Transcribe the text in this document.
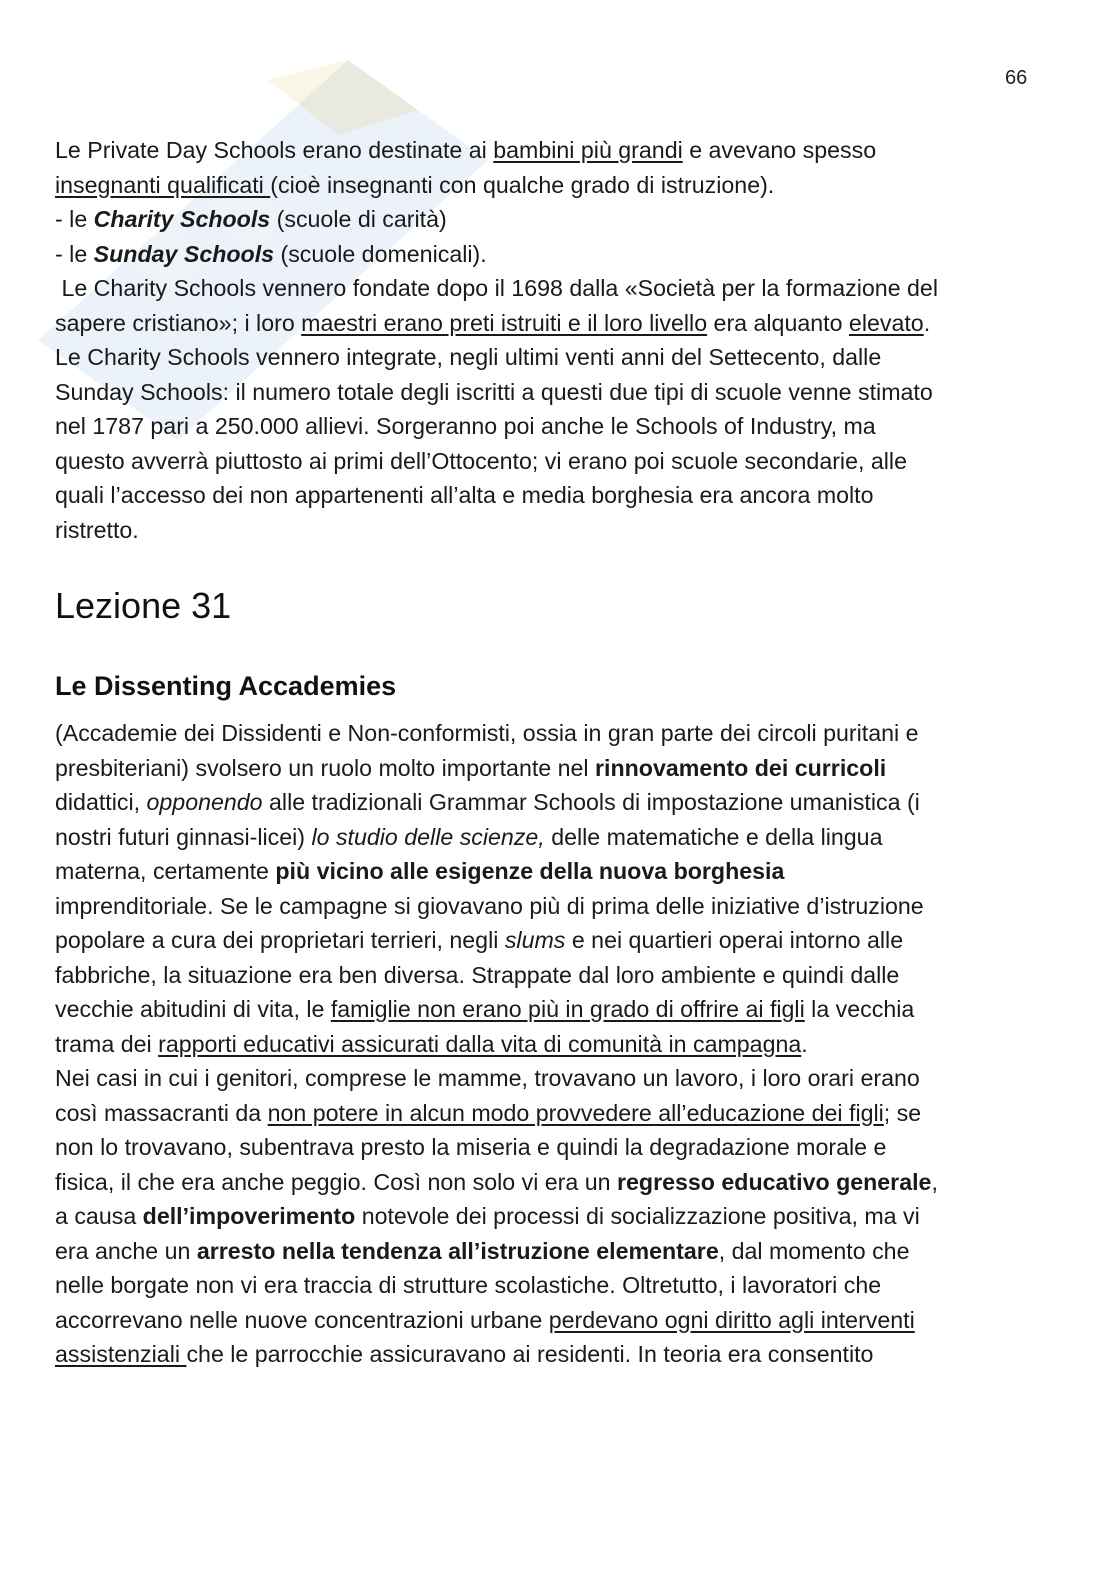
66
Le Private Day Schools erano destinate ai bambini più grandi e avevano spesso
insegnanti qualificati (cioè insegnanti con qualche grado di istruzione).
- le Charity Schools (scuole di carità)
- le Sunday Schools (scuole domenicali).
Le Charity Schools vennero fondate dopo il 1698 dalla «Società per la formazione del
sapere cristiano»; i loro maestri erano preti istruiti e il loro livello era alquanto elevato.
Le Charity Schools vennero integrate, negli ultimi venti anni del Settecento, dalle
Sunday Schools: il numero totale degli iscritti a questi due tipi di scuole venne stimato
nel 1787 pari a 250.000 allievi. Sorgeranno poi anche le Schools of Industry, ma
questo avverrà piuttosto ai primi dell’Ottocento; vi erano poi scuole secondarie, alle
quali l’accesso dei non appartenenti all’alta e media borghesia era ancora molto
ristretto.
Lezione 31
Le Dissenting Accademies
(Accademie dei Dissidenti e Non-conformisti, ossia in gran parte dei circoli puritani e
presbiteriani) svolsero un ruolo molto importante nel rinnovamento dei curricoli
didattici, opponendo alle tradizionali Grammar Schools di impostazione umanistica (i
nostri futuri ginnasi-licei) lo studio delle scienze, delle matematiche e della lingua
materna, certamente più vicino alle esigenze della nuova borghesia
imprenditoriale. Se le campagne si giovavano più di prima delle iniziative d’istruzione
popolare a cura dei proprietari terrieri, negli slums e nei quartieri operai intorno alle
fabbriche, la situazione era ben diversa. Strappate dal loro ambiente e quindi dalle
vecchie abitudini di vita, le famiglie non erano più in grado di offrire ai figli la vecchia
trama dei rapporti educativi assicurati dalla vita di comunità in campagna.
Nei casi in cui i genitori, comprese le mamme, trovavano un lavoro, i loro orari erano
così massacranti da non potere in alcun modo provvedere all’educazione dei figli; se
non lo trovavano, subentrava presto la miseria e quindi la degradazione morale e
fisica, il che era anche peggio. Così non solo vi era un regresso educativo generale,
a causa dell’impoverimento notevole dei processi di socializzazione positiva, ma vi
era anche un arresto nella tendenza all’istruzione elementare, dal momento che
nelle borgate non vi era traccia di strutture scolastiche. Oltretutto, i lavoratori che
accorrevano nelle nuove concentrazioni urbane perdevano ogni diritto agli interventi
assistenziali che le parrocchie assicuravano ai residenti. In teoria era consentito
